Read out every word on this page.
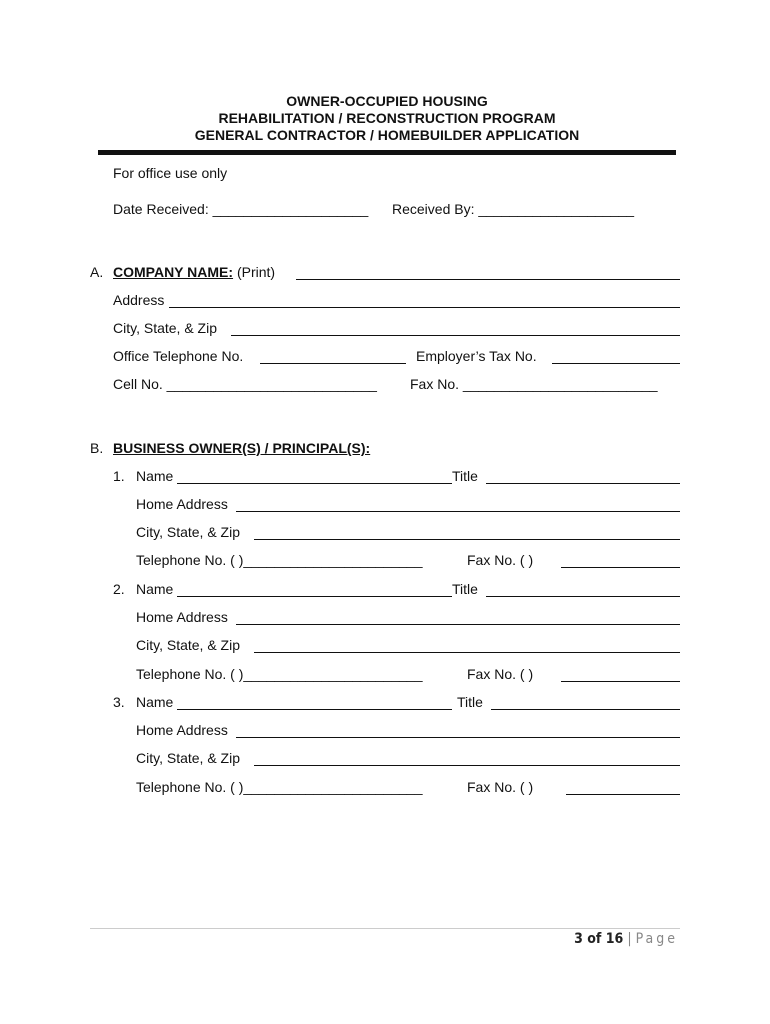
OWNER-OCCUPIED HOUSING
REHABILITATION / RECONSTRUCTION PROGRAM
GENERAL CONTRACTOR / HOMEBUILDER APPLICATION
For office use only
Date Received: ____________________ Received By: ____________________
A. COMPANY NAME: (Print)
Address
City, State, & Zip
Office Telephone No.	Employer’s Tax No.
Cell No. ___________________________ Fax No. _________________________
B. BUSINESS OWNER(S) / PRINCIPAL(S):
1. Name	Title
Home Address
City, State, & Zip
Telephone No. ( )_______________________	Fax No. ( )
2. Name	Title
Home Address
City, State, & Zip
Telephone No. ( )_______________________	Fax No. ( )
3. Name	Title
Home Address
City, State, & Zip
Telephone No. ( )_______________________	Fax No. ( )
3 of 16 | Page
